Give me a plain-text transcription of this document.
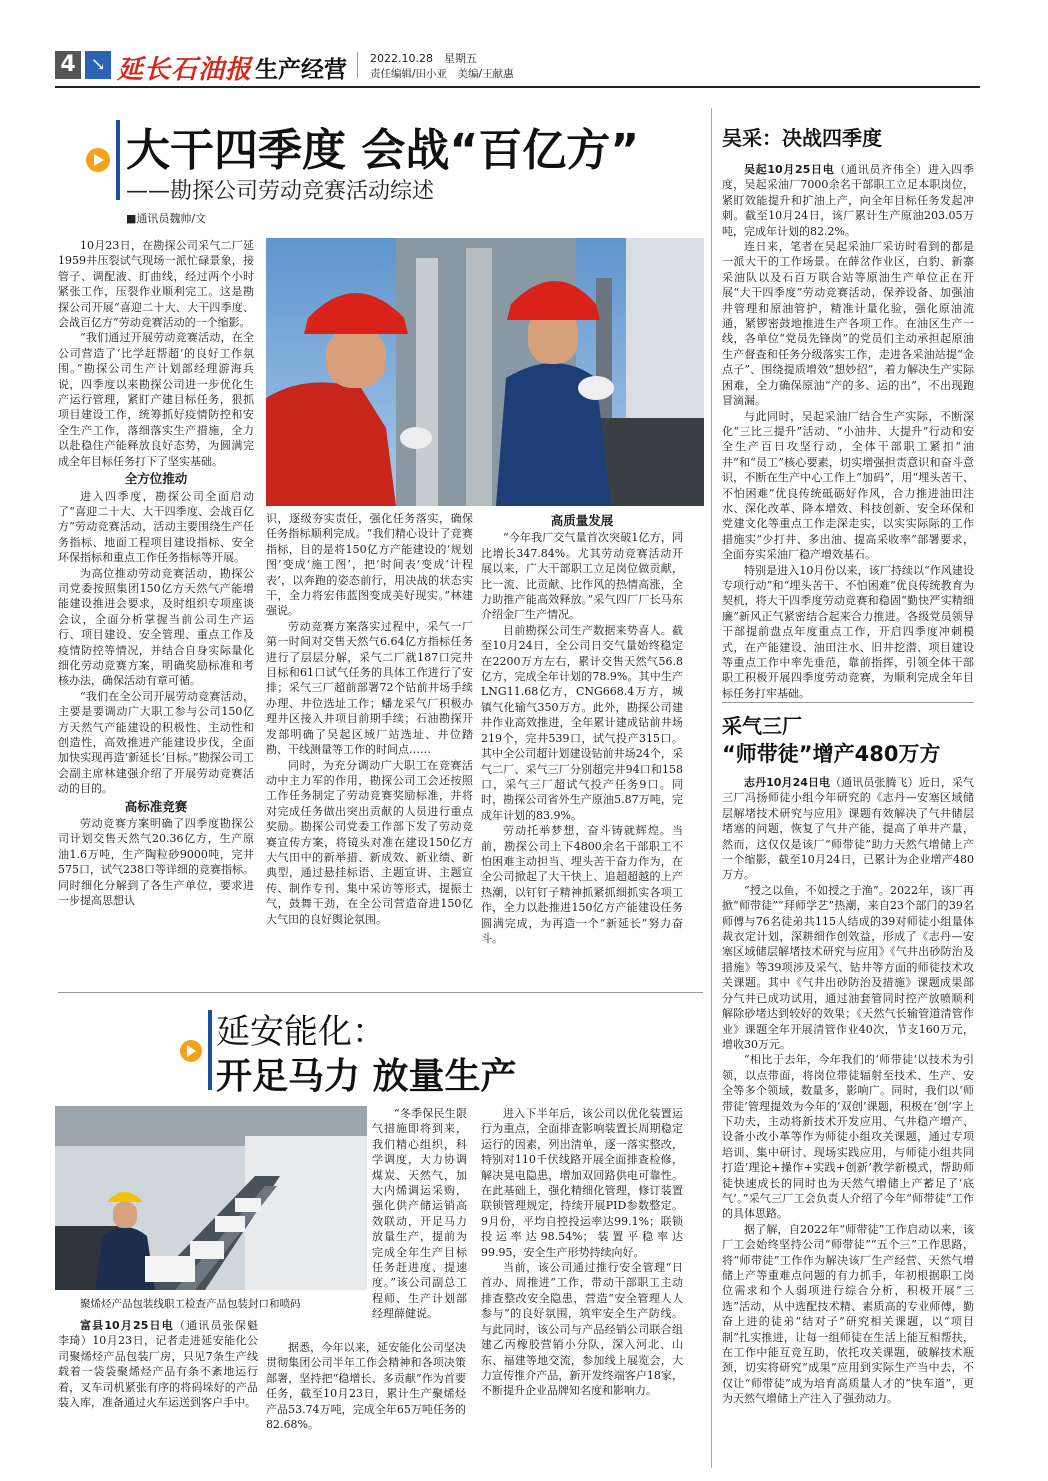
4 ↘ 延长石油报 生产经营 2022.10.28　 星期五
责任编辑/田小亚　美编/王献惠
大干四季度 会战“百亿方”
——勘探公司劳动竞赛活动综述
■通讯员魏帅/文

10月23日，在勘探公司采气二厂延1959井压裂试气现场一派忙碌景象，接管子、调配液、盯曲线，经过两个小时紧张工作，压裂作业顺利完工。这是勘探公司开展“喜迎二十大、大干四季度、会战百亿方”劳动竞赛活动的一个缩影。

“我们通过开展劳动竞赛活动，在全公司营造了‘比学赶帮超’的良好工作氛围。”勘探公司生产计划部经理游海兵说，四季度以来勘探公司进一步优化生产运行管理，紧盯产建目标任务，狠抓项目建设工作，统筹抓好疫情防控和安全生产工作，落细落实生产措施，全力以赴稳住产能释放良好态势，为圆满完成全年目标任务打下了坚实基础。

全方位推动

进入四季度，勘探公司全面启动了“喜迎二十大、大干四季度、会战百亿方”劳动竞赛活动，活动主要围绕生产任务指标、地面工程项目建设指标、安全环保指标和重点工作任务指标等开展。

为高位推动劳动竞赛活动，勘探公司党委按照集团150亿方天然气产能增能建设推进会要求，及时组织专项座谈会议，全面分析掌握当前公司生产运行、项目建设、安全管理、重点工作及疫情防控等情况，并结合自身实际量化细化劳动竞赛方案，明确奖励标准和考核办法，确保活动有章可循。

“我们在全公司开展劳动竞赛活动，主要是要调动广大职工参与公司150亿方天然气产能建设的积极性、主动性和创造性，高效推进产能建设步伐，全面加快实现再造‘新延长’目标。”勘探公司工会副主席林建强介绍了开展劳动竞赛活动的目的。

高标准竞赛

劳动竞赛方案明确了四季度勘探公司计划交售天然气20.36亿方，生产原油1.6万吨，生产陶粒砂9000吨，完井575口，试气238口等详细的竞赛指标。同时细化分解到了各生产单位，要求进一步提高思想认

识，逐级夯实责任，强化任务落实，确保任务指标顺利完成。“我们精心设计了竞赛指标，目的是将150亿方产能建设的‘规划图’变成‘施工图’，把‘时间表’变成‘计程表’，以奔跑的姿态前行，用决战的状态实干，全力将宏伟蓝图变成美好现实。”林建强说。

劳动竞赛方案落实过程中，采气一厂第一时间对交售天然气6.64亿方指标任务进行了层层分解，采气二厂就187口完井目标和61口试气任务的具体工作进行了安排；采气三厂超前部署72个钻前井场手续办理、井位选址工作；蟠龙采气厂积极办理井区接入井项目前期手续；石油勘探开发部明确了吴起区域厂站选址、井位踏勘、干线测量等工作的时间点……

同时，为充分调动广大职工在竞赛活动中主力军的作用，勘探公司工会还按照工作任务制定了劳动竞赛奖励标准，并将对完成任务做出突出贡献的人员进行重点奖励。勘探公司党委工作部下发了劳动竞赛宣传方案，将镜头对准在建设150亿方大气田中的新举措、新成效、新业绩、新典型，通过悬挂标语、主题宣讲、主题宣传、制作专刊、集中采访等形式，提振士气，鼓舞干劲，在全公司营造奋进150亿大气田的良好舆论氛围。

高质量发展

“今年我厂交气量首次突破1亿方，同比增长347.84%。尤其劳动竞赛活动开展以来，广大干部职工立足岗位做贡献，比一流、比贡献、比作风的热情高涨，全力助推产能高效释放。”采气四厂厂长马东介绍金厂生产情况。

目前勘探公司生产数据来势喜人。截至10月24日，全公司日交气量始终稳定在2200万方左右，累计交售天然气56.8亿方，完成全年计划的78.9%。其中生产LNG11.68亿方，CNG668.4万方，城镇气化输气350万方。此外，勘探公司建井作业高效推进，全年累计建成钻前井场219个，完井539口，试气投产315口。其中全公司超计划建设钻前井场24个，采气二厂、采气三厂分别超完井94口和158口，采气三厂超试气投产任务9口。同时，勘探公司省外生产原油5.87万吨，完成年计划的83.9%。

劳动托举梦想，奋斗铸就辉煌。当前，勘探公司上下4800余名干部职工不怕困难主动担当、埋头苦干奋力作为，在全公司掀起了大干快上、追超超越的上产热潮，以钉钉子精神抓紧抓细抓实各项工作，全力以赴推进150亿方产能建设任务圆满完成，为再造一个“新延长”努力奋斗。

吴采：决战四季度

吴起10月25日电（通讯员齐伟全）进入四季度，吴起采油厂7000余名干部职工立足本职岗位，紧盯效能提升和扩油上产，向全年目标任务发起冲刺。截至10月24日，该厂累计生产原油203.05万吨，完成年计划的82.2%。

连日来，笔者在吴起采油厂采访时看到的都是一派大干的工作场景。在薛岔作业区，白豹、新寨采油队以及石百万联合站等原油生产单位正在开展“大干四季度”劳动竞赛活动，保养设备、加强油井管理和原油管护，精准计量化验，强化原油流通，紧锣密鼓地推进生产各项工作。在油区生产一线，各单位“党员先锋岗”的党员们主动承担起原油生产督查和任务分级落实工作，走进各采油站提“金点子”、围绕提质增效“想妙招”，着力解决生产实际困难，全力确保原油“产的多、运的出”，不出现跑冒滴漏。

与此同时，吴起采油厂结合生产实际，不断深化“三比三提升”活动、“小油井、大提升”行动和安全生产百日攻坚行动，全体干部职工紧扣“油井”和“员工”核心要素，切实增强担责意识和奋斗意识，不断在生产中心工作上“加码”，用“埋头苦干、不怕困难”优良传统砥砺好作风，合力推进油田注水、深化改革、降本增效、科技创新、安全环保和党建文化等重点工作走深走实，以实实际际的工作措施实“少打井、多出油、提高采收率”部署要求，全面夯实采油厂稳产增效基石。

特别是进入10月份以来，该厂持续以“作风建设专项行动”和“埋头苦干、不怕困难”优良传统教育为契机，将大干四季度劳动竞赛和稳固“勤快严实精细廉”新风正气紧密结合起来合力推进。各级党员领导干部提前盘点年度重点工作，开启四季度冲刺模式，在产能建设、油田注水、旧井挖潜、项目建设等重点工作中率先垂范，靠前指挥，引领全体干部职工积极开展四季度劳动竞赛，为顺利完成全年目标任务打牢基础。

采气三厂
“师带徒”增产480万方

志丹10月24日电（通讯员张腾飞）近日，采气三厂冯扬师徒小组今年研究的《志丹—安塞区域储层解堵技术研究与应用》课题有效解决了气井储层堵塞的问题，恢复了气井产能，提高了单井产量，然而，这仅仅是该厂“师带徒”助力天然气增储上产一个缩影，截至10月24日，已累计为企业增产480万方。

“授之以鱼，不如授之于渔”。2022年，该厂再掀“师带徒”“拜师学艺”热潮，来自23个部门的39名师傅与76名徒弟共115人结成的39对师徒小组量体裁衣定计划，深耕细作创效益，形成了《志丹—安塞区域储层解堵技术研究与应用》《气井出砂防治及措施》等39项涉及采气、钻井等方面的师徒技术攻关课题。其中《气井出砂防治及措施》课题成果部分气井已成功试用，通过油套管同时控产放喷顺利解除砂堵达到较好的效果；《天然气长输管道清管作业》课题全年开展清管作业40次，节支160万元，增收30万元。

“相比于去年，今年我们的‘师带徒’以技术为引领，以点带面，将岗位带徒辐射至技术、生产、安全等多个领域，数量多，影响广。同时，我们以‘师带徒’管理提效为今年的‘双创’课题，积极在‘创’字上下功夫，主动将新技术开发应用、气井稳产增产、设备小改小革等作为师徒小组攻关课题，通过专项培训、集中研讨、现场实践应用，与师徒小组共同打造‘理论+操作+实践+创新’教学新模式，帮助师徒快速成长的同时也为天然气增储上产蓄足了‘底气’。”采气三厂工会负责人介绍了今年“师带徒”工作的具体思路。

据了解，自2022年“师带徒”工作启动以来，该厂工会始终坚持公司“师带徒”“五个三”工作思路，将“师带徒”工作作为解决该厂生产经营、天然气增储上产等重难点问题的有力抓手，年初根据职工岗位需求和个人弱项进行综合分析，积极开展“三选”活动，从中选配技术精、素质高的专业师傅，勤奋上进的徒弟“结对子”研究相关课题，以“项目制”扎实推进，让每一组师徒在生活上能互相帮扶，在工作中能互竞互助，依托攻关课题，破解技术瓶颈，切实将研究“成果”应用到实际生产当中去，不仅让“师带徒”成为培育高质量人才的“快车道”，更为天然气增储上产注入了强劲动力。

延安能化：
开足马力 放量生产
聚烯烃产品包装线职工检查产品包装封口和喷码

富县10月25日电（通讯员张保魁　李琦）10月23日，记者走进延安能化公司聚烯烃产品包装厂房，只见7条生产线载着一袋袋聚烯烃产品有条不紊地运行着，叉车司机紧张有序的将码垛好的产品装入库，准备通过火车运送到客户手中。

“冬季保民生限气措施即将到来，我们精心组织，科学调度，大力协调煤炭、天然气，加大内烯调运采购，强化供产储运销高效联动，开足马力放量生产，提前为完成全年生产目标任务赶进度、提速度。”该公司副总工程师、生产计划部经理薛健说。

据悉，今年以来，延安能化公司坚决贯彻集团公司半年工作会精神和各项决策部署，坚持把“稳增长、多贡献”作为首要任务，截至10月23日，累计生产聚烯烃产品53.74万吨，完成全年65万吨任务的82.68%。

进入下半年后，该公司以优化装置运行为重点，全面排查影响装置长周期稳定运行的因素，列出清单，逐一落实整改，特别对110千伏线路开展全面排查检修，解决晃电隐患，增加双回路供电可靠性。在此基础上，强化精细化管理，修订装置联锁管理规定，持续开展PID参数整定。9月份，平均自控投运率达99.1%；联锁投运率达98.54%；装置平稳率达99.95，安全生产形势持续向好。

当前，该公司通过推行安全管理“日首办、周推进”工作，带动干部职工主动排查整改安全隐患，营造“安全管理人人参与”的良好氛围，筑牢安全生产防线。与此同时，该公司与产品经销公司联合组建乙丙橡胶营销小分队，深入河北、山东、福建等地交流，参加线上展览会，大力宣传推介产品，新开发终端客户18家，不断提升企业品牌知名度和影响力。
